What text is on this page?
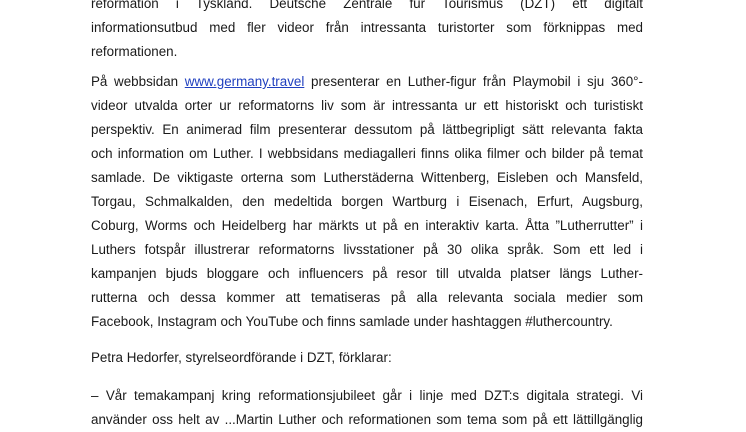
reformation i Tyskland. Deutsche Zentrale für Tourismus (DZT) ett digitalt
informationsutbud med fler videor från intressanta turistorter som förknippas med
reformationen.
På webbsidan www.germany.travel presenterar en Luther-figur från Playmobil i sju 360°-
videor utvalda orter ur reformatorns liv som är intressanta ur ett historiskt och turistiskt
perspektiv. En animerad film presenterar dessutom på lättbegripligt sätt relevanta fakta
och information om Luther. I webbsidans mediagalleri finns olika filmer och bilder på temat
samlade. De viktigaste orterna som Lutherstäderna Wittenberg, Eisleben och Mansfeld,
Torgau, Schmalkalden, den medeltida borgen Wartburg i Eisenach, Erfurt, Augsburg,
Coburg, Worms och Heidelberg har märkts ut på en interaktiv karta. Åtta ”Lutherrutter” i
Luthers fotspår illustrerar reformatorns livsstationer på 30 olika språk. Som ett led i
kampanjen bjuds bloggare och influencers på resor till utvalda platser längs Luther-
rutterna och dessa kommer att tematiseras på alla relevanta sociala medier som
Facebook, Instagram och YouTube och finns samlade under hashtaggen #luthercountry.
Petra Hedorfer, styrelseordförande i DZT, förklarar:
– Vår temakampanj kring reformationsjubileet går i linje med DZT:s digitala strategi. Vi
använder oss helt av ...Martin Luther och reformationen som tema som på ett lättillgänglig
